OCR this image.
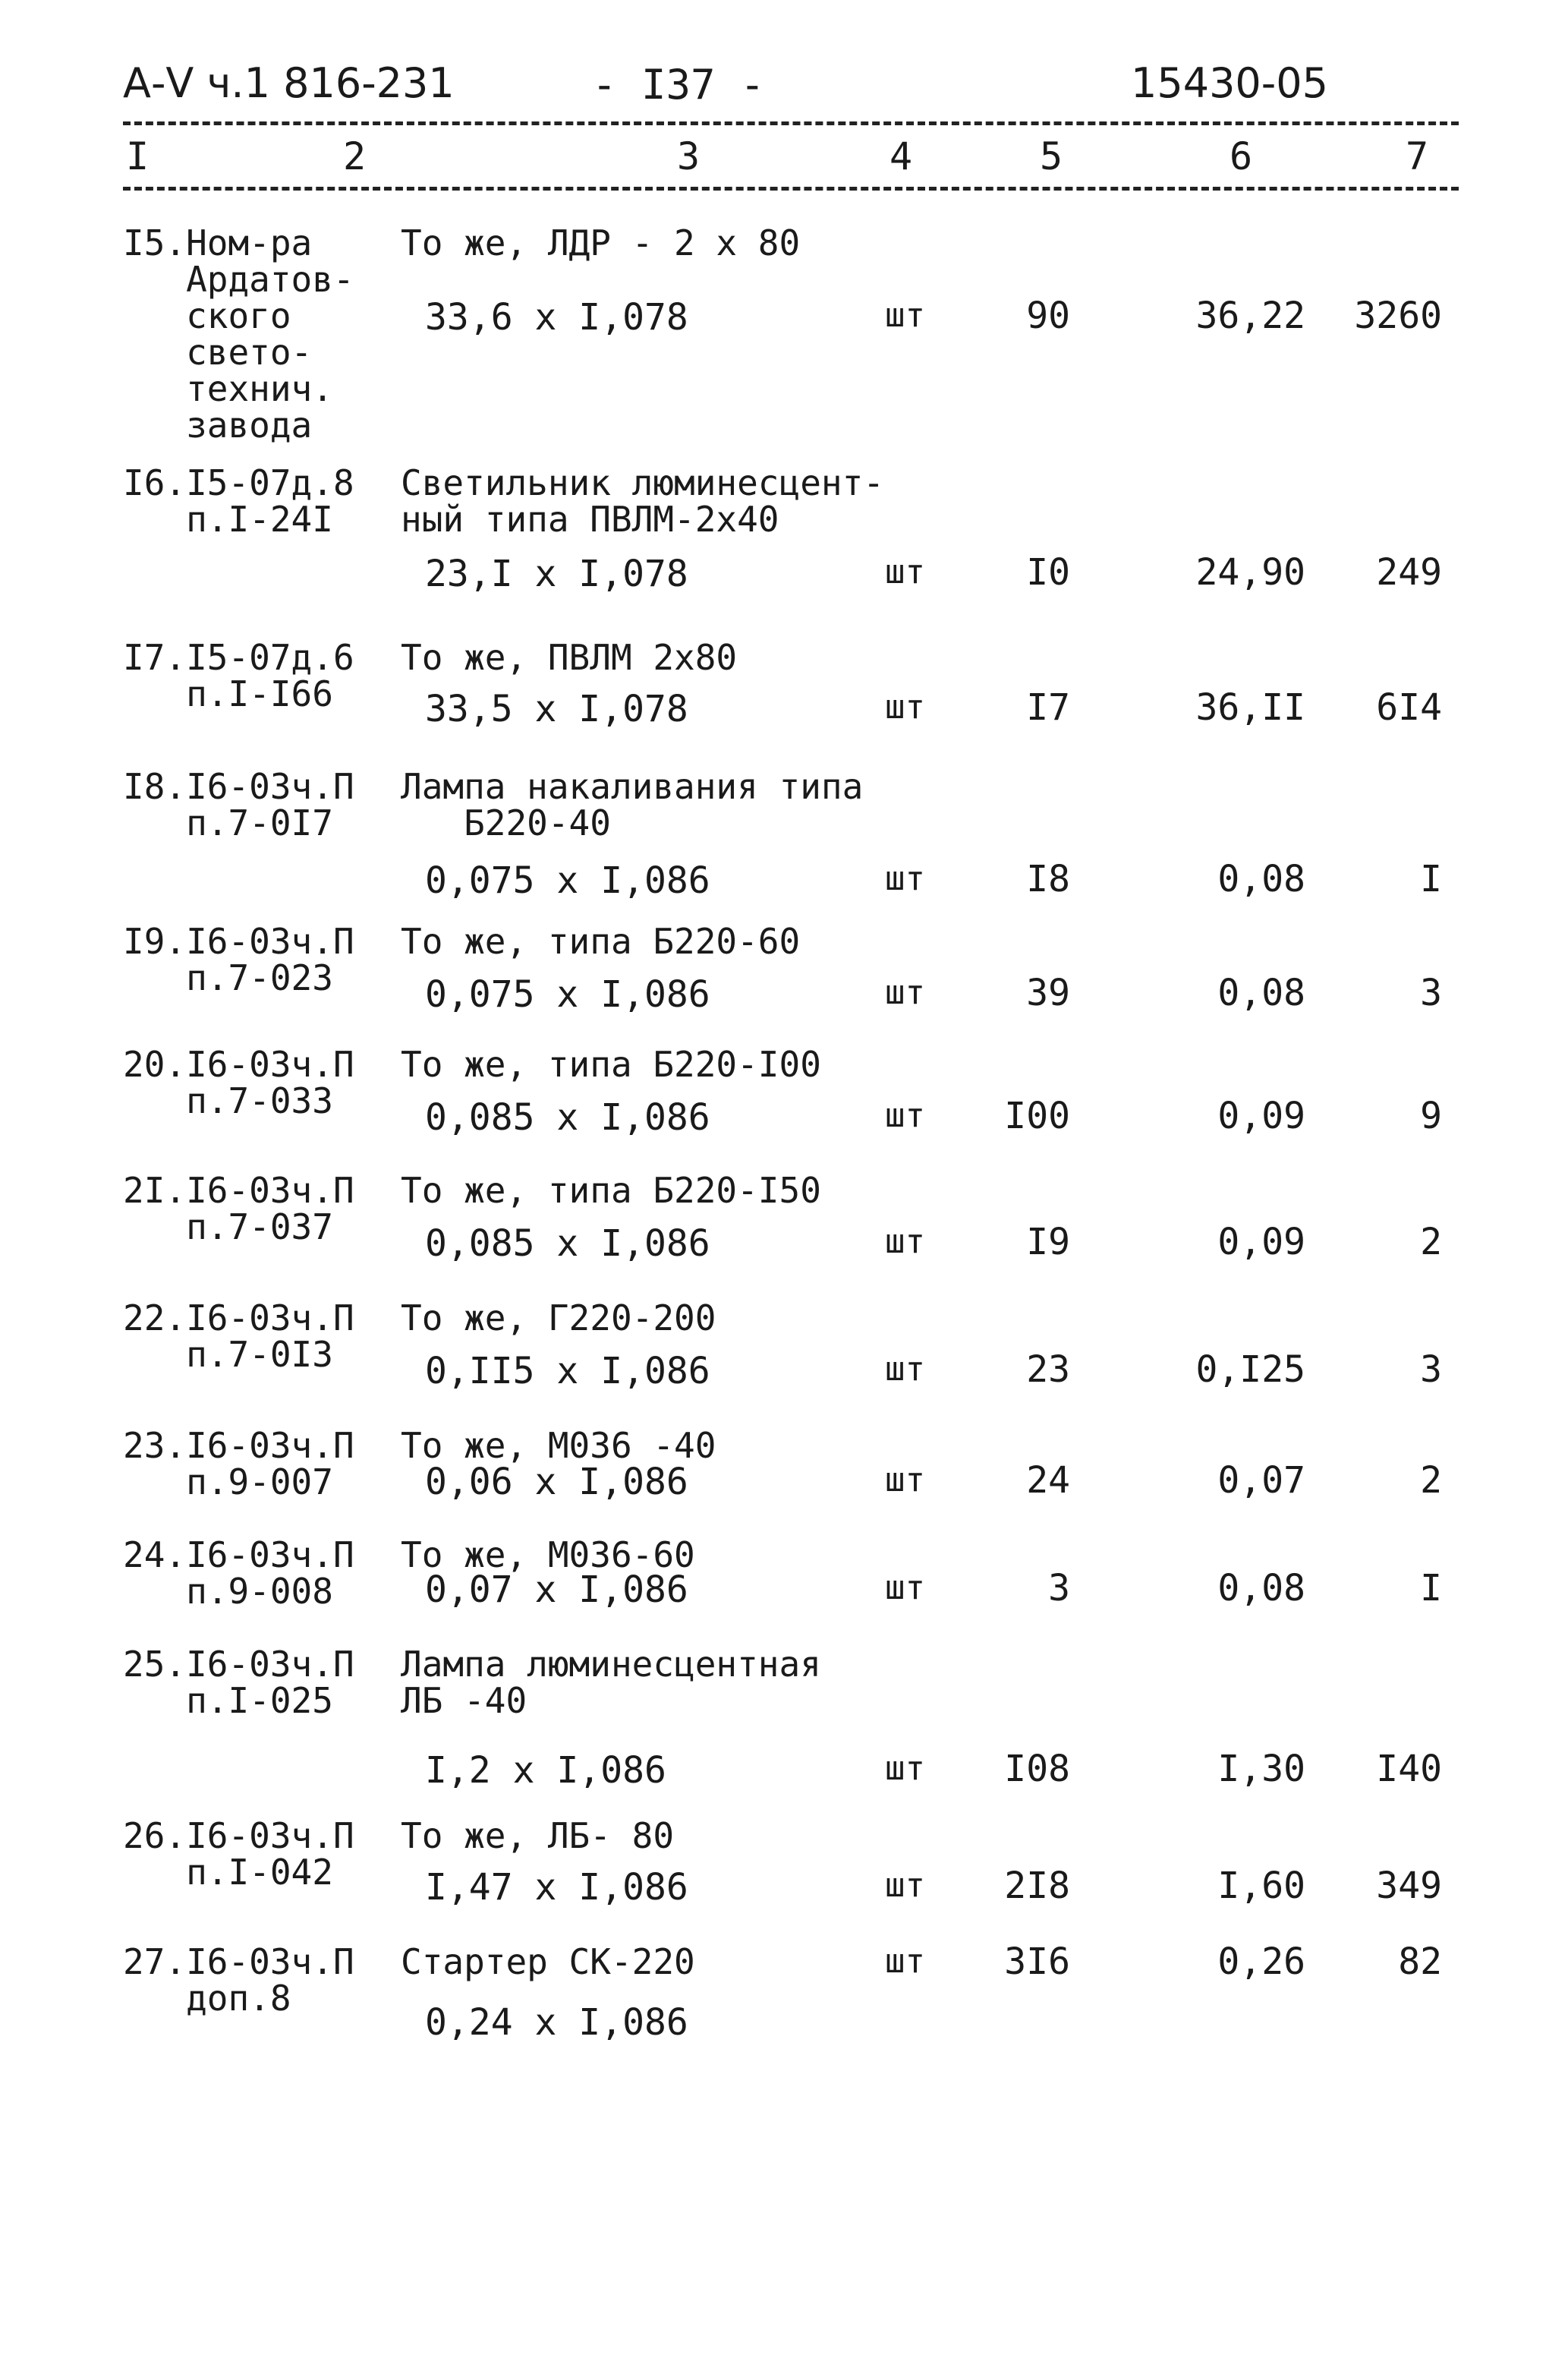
А-V ч.1 816-231	- I37 -	15430-05
I	2	3	4	5	6	7
I5.Ном-ра
Ардатов-
ского
свето-
технич.
завода
То же, ЛДР - 2 х 80
33,6 х I,078	шт	90	36,22	3260
I6.I5-07д.8
п.I-24I
Светильник люминесцент-
ный типа ПВЛМ-2х40
23,I х I,078	шт	I0	24,90	249
I7.I5-07д.6
п.I-I66
То же, ПВЛМ 2х80
33,5 х I,078	шт	I7	36,II	6I4
I8.I6-03ч.П
п.7-0I7
Лампа накаливания типа
Б220-40
0,075 х I,086	шт	I8	0,08	I
I9.I6-03ч.П
п.7-023
То же, типа Б220-60
0,075 х I,086	шт	39	0,08	3
20.I6-03ч.П
п.7-033
То же, типа Б220-I00
0,085 х I,086	шт	I00	0,09	9
2I.I6-03ч.П
п.7-037
То же, типа Б220-I50
0,085 х I,086	шт	I9	0,09	2
22.I6-03ч.П
п.7-0I3
То же, Г220-200
0,II5 х I,086	шт	23	0,I25	3
23.I6-03ч.П
п.9-007
То же, М036 -40
0,06 х I,086	шт	24	0,07	2
24.I6-03ч.П
п.9-008
То же, М036-60
0,07 х I,086	шт	3	0,08	I
25.I6-03ч.П
п.I-025
Лампа люминесцентная
ЛБ -40
I,2 х I,086	шт	I08	I,30	I40
26.I6-03ч.П
п.I-042
То же, ЛБ- 80
I,47 х I,086	шт	2I8	I,60	349
27.I6-03ч.П
доп.8
Стартер СК-220
0,24 х I,086
шт	3I6	0,26	82
